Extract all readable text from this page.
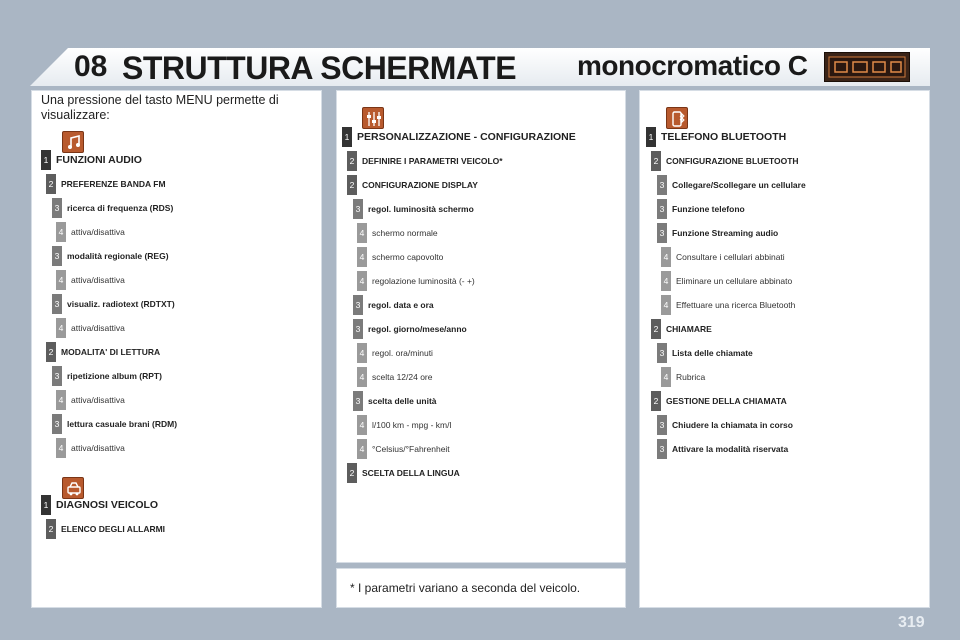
08 STRUTTURA SCHERMATE monocromatico C
Una pressione del tasto MENU permette di visualizzare:
1 FUNZIONI AUDIO
2 PREFERENZE BANDA FM
3 ricerca di frequenza (RDS)
4 attiva/disattiva
3 modalità regionale (REG)
4 attiva/disattiva
3 visualiz. radiotext (RDTXT)
4 attiva/disattiva
2 MODALITA' DI LETTURA
3 ripetizione album (RPT)
4 attiva/disattiva
3 lettura casuale brani (RDM)
4 attiva/disattiva
1 DIAGNOSI VEICOLO
2 ELENCO DEGLI ALLARMI
1 PERSONALIZZAZIONE - CONFIGURAZIONE
2 DEFINIRE I PARAMETRI VEICOLO*
2 CONFIGURAZIONE DISPLAY
3 regol. luminosità schermo
4 schermo normale
4 schermo capovolto
4 regolazione luminosità (- +)
3 regol. data e ora
3 regol. giorno/mese/anno
4 regol. ora/minuti
4 scelta 12/24 ore
3 scelta delle unità
4 l/100 km - mpg - km/l
4 °Celsius/°Fahrenheit
2 SCELTA DELLA LINGUA
1 TELEFONO BLUETOOTH
2 CONFIGURAZIONE BLUETOOTH
3 Collegare/Scollegare un cellulare
3 Funzione telefono
3 Funzione Streaming audio
4 Consultare i cellulari abbinati
4 Eliminare un cellulare abbinato
4 Effettuare una ricerca Bluetooth
2 CHIAMARE
3 Lista delle chiamate
4 Rubrica
2 GESTIONE DELLA CHIAMATA
3 Chiudere la chiamata in corso
3 Attivare la modalità riservata
* I parametri variano a seconda del veicolo.
319
